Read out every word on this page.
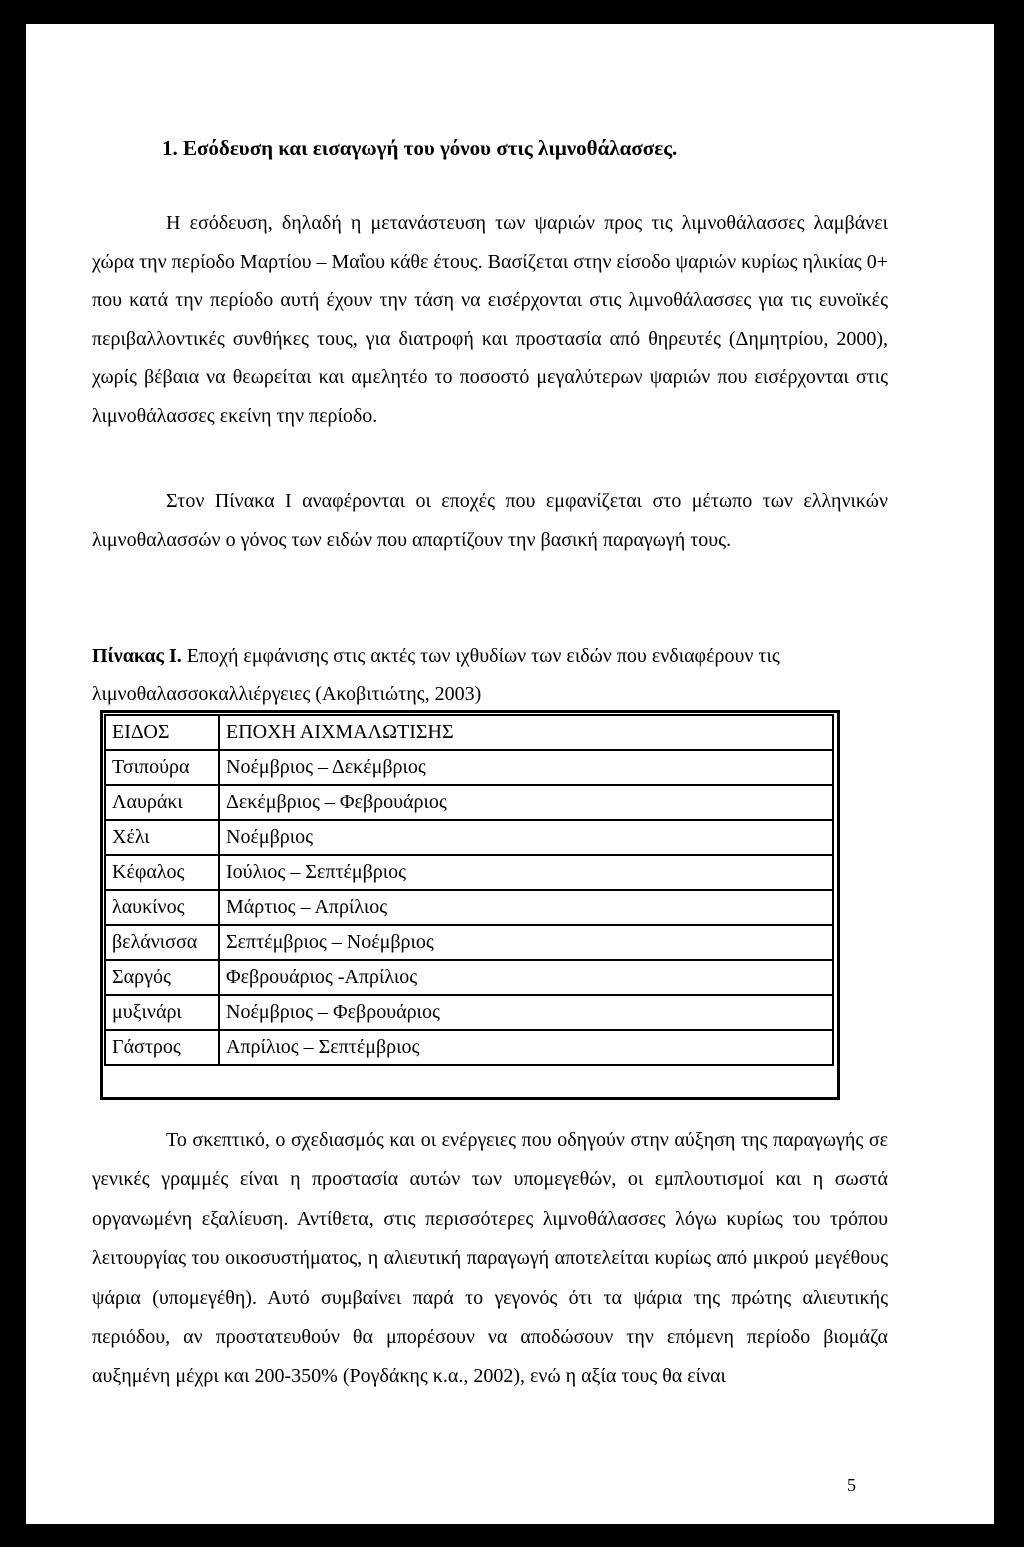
1. Εσόδευση και εισαγωγή του γόνου στις λιμνοθάλασσες.

Η εσόδευση, δηλαδή η μετανάστευση των ψαριών προς τις λιμνοθάλασσες λαμβάνει χώρα την περίοδο Μαρτίου – Μαΐου κάθε έτους. Βασίζεται στην είσοδο ψαριών κυρίως ηλικίας 0+ που κατά την περίοδο αυτή έχουν την τάση να εισέρχονται στις λιμνοθάλασσες για τις ευνοϊκές περιβαλλοντικές συνθήκες τους, για διατροφή και προστασία από θηρευτές (Δημητρίου, 2000), χωρίς βέβαια να θεωρείται και αμελητέο το ποσοστό μεγαλύτερων ψαριών που εισέρχονται στις λιμνοθάλασσες εκείνη την περίοδο.

Στον Πίνακα Ι αναφέρονται οι εποχές που εμφανίζεται στο μέτωπο των ελληνικών λιμνοθαλασσών ο γόνος των ειδών που απαρτίζουν την βασική παραγωγή τους.

Πίνακας Ι. Εποχή εμφάνισης στις ακτές των ιχθυδίων των ειδών που ενδιαφέρουν τις λιμνοθαλασσοκαλλιέργειες (Ακοβιτιώτης, 2003)

ΕΙΔΟΣ	ΕΠΟΧΗ ΑΙΧΜΑΛΩΤΙΣΗΣ
Τσιπούρα	Νοέμβριος – Δεκέμβριος
Λαυράκι	Δεκέμβριος – Φεβρουάριος
Χέλι	Νοέμβριος
Κέφαλος	Ιούλιος – Σεπτέμβριος
λαυκίνος	Μάρτιος – Απρίλιος
βελάνισσα	Σεπτέμβριος – Νοέμβριος
Σαργός	Φεβρουάριος -Απρίλιος
μυξινάρι	Νοέμβριος – Φεβρουάριος
Γάστρος	Απρίλιος – Σεπτέμβριος

Το σκεπτικό, ο σχεδιασμός και οι ενέργειες που οδηγούν στην αύξηση της παραγωγής σε γενικές γραμμές είναι η προστασία αυτών των υπομεγεθών, οι εμπλουτισμοί και η σωστά οργανωμένη εξαλίευση. Αντίθετα, στις περισσότερες λιμνοθάλασσες λόγω κυρίως του τρόπου λειτουργίας του οικοσυστήματος, η αλιευτική παραγωγή αποτελείται κυρίως από μικρού μεγέθους ψάρια (υπομεγέθη). Αυτό συμβαίνει παρά το γεγονός ότι τα ψάρια της πρώτης αλιευτικής περιόδου, αν προστατευθούν θα μπορέσουν να αποδώσουν την επόμενη περίοδο βιομάζα αυξημένη μέχρι και 200-350% (Ρογδάκης κ.α., 2002), ενώ η αξία τους θα είναι

5
